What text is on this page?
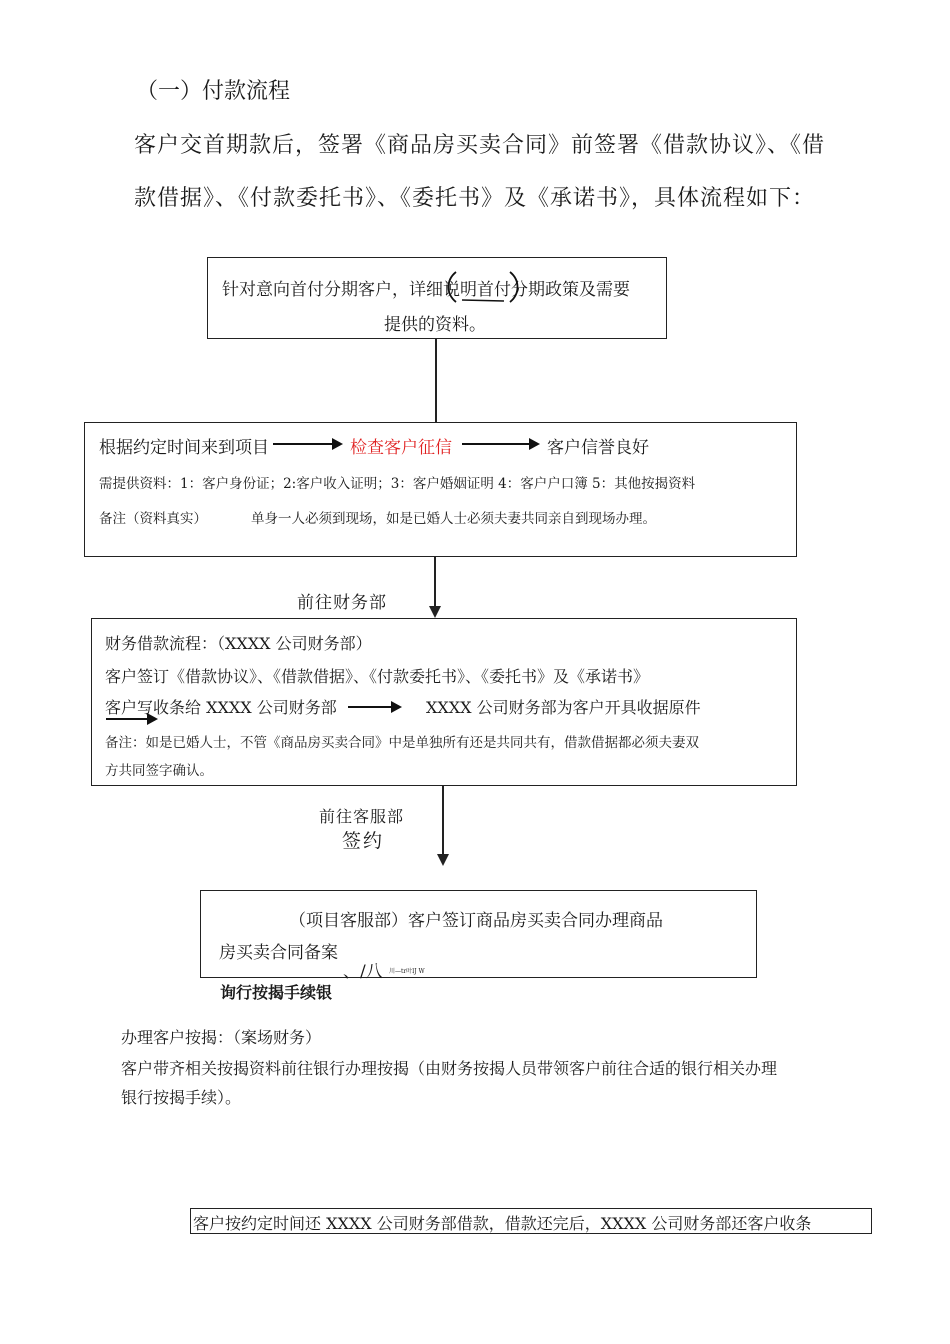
（一）付款流程
客户交首期款后，签署《商品房买卖合同》前签署《借款协议》、《借
款借据》、《付款委托书》、《委托书》及《承诺书》，具体流程如下：
针对意向首付分期客户，详细说明首付分期政策及需要
提供的资料。
根据约定时间来到项目	检查客户征信	客户信誉良好
需提供资料：1：客户身份证；2:客户收入证明；3：客户婚姻证明 4：客户户口簿 5：其他按揭资料
备注（资料真实）	单身一人必须到现场，如是已婚人士必须夫妻共同亲自到现场办理。
前往财务部
财务借款流程：（XXXX 公司财务部）
客户签订《借款协议》、《借款借据》、《付款委托书》、《委托书》及《承诺书》
客户写收条给 XXXX 公司财务部	XXXX 公司财务部为客户开具收据原件
备注：如是已婚人士，不管《商品房买卖合同》中是单独所有还是共同共有，借款借据都必须夫妻双
方共同签字确认。
前往客服部
签约
（项目客服部）客户签订商品房买卖合同办理商品
房买卖合同备案
、/八 川—tr叶lJ W
询行按揭手续银
办理客户按揭：（案场财务）
客户带齐相关按揭资料前往银行办理按揭（由财务按揭人员带领客户前往合适的银行相关办理
银行按揭手续）。
客户按约定时间还 XXXX 公司财务部借款，借款还完后，XXXX 公司财务部还客户收条
